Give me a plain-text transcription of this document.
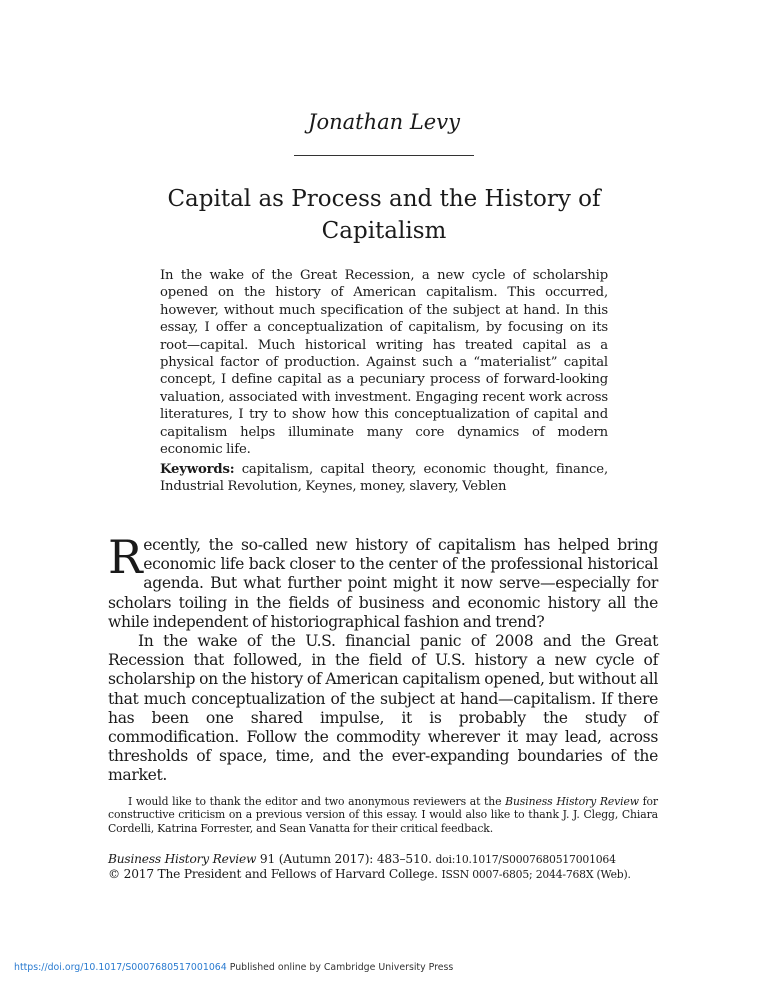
Jonathan Levy
Capital as Process and the History of
Capitalism
In the wake of the Great Recession, a new cycle of scholarship opened on the history of American capitalism. This occurred, however, without much specification of the subject at hand. In this essay, I offer a conceptualization of capitalism, by focusing on its root—capital. Much historical writing has treated capital as a physical factor of production. Against such a “materialist” capital concept, I define capital as a pecuniary process of forward-looking valuation, associated with investment. Engaging recent work across literatures, I try to show how this conceptualization of capital and capitalism helps illuminate many core dynamics of modern economic life.
Keywords: capitalism, capital theory, economic thought, finance, Industrial Revolution, Keynes, money, slavery, Veblen

Recently, the so-called new history of capitalism has helped bring economic life back closer to the center of the professional historical agenda. But what further point might it now serve—especially for scholars toiling in the fields of business and economic history all the while independent of historiographical fashion and trend?

In the wake of the U.S. financial panic of 2008 and the Great Recession that followed, in the field of U.S. history a new cycle of scholarship on the history of American capitalism opened, but without all that much conceptualization of the subject at hand—capitalism. If there has been one shared impulse, it is probably the study of commodification. Follow the commodity wherever it may lead, across thresholds of space, time, and the ever-expanding boundaries of the market.

I would like to thank the editor and two anonymous reviewers at the Business History Review for constructive criticism on a previous version of this essay. I would also like to thank J. J. Clegg, Chiara Cordelli, Katrina Forrester, and Sean Vanatta for their critical feedback.

Business History Review 91 (Autumn 2017): 483–510. doi:10.1017/S0007680517001064
© 2017 The President and Fellows of Harvard College. ISSN 0007-6805; 2044-768X (Web).
https://doi.org/10.1017/S0007680517001064 Published online by Cambridge University Press
